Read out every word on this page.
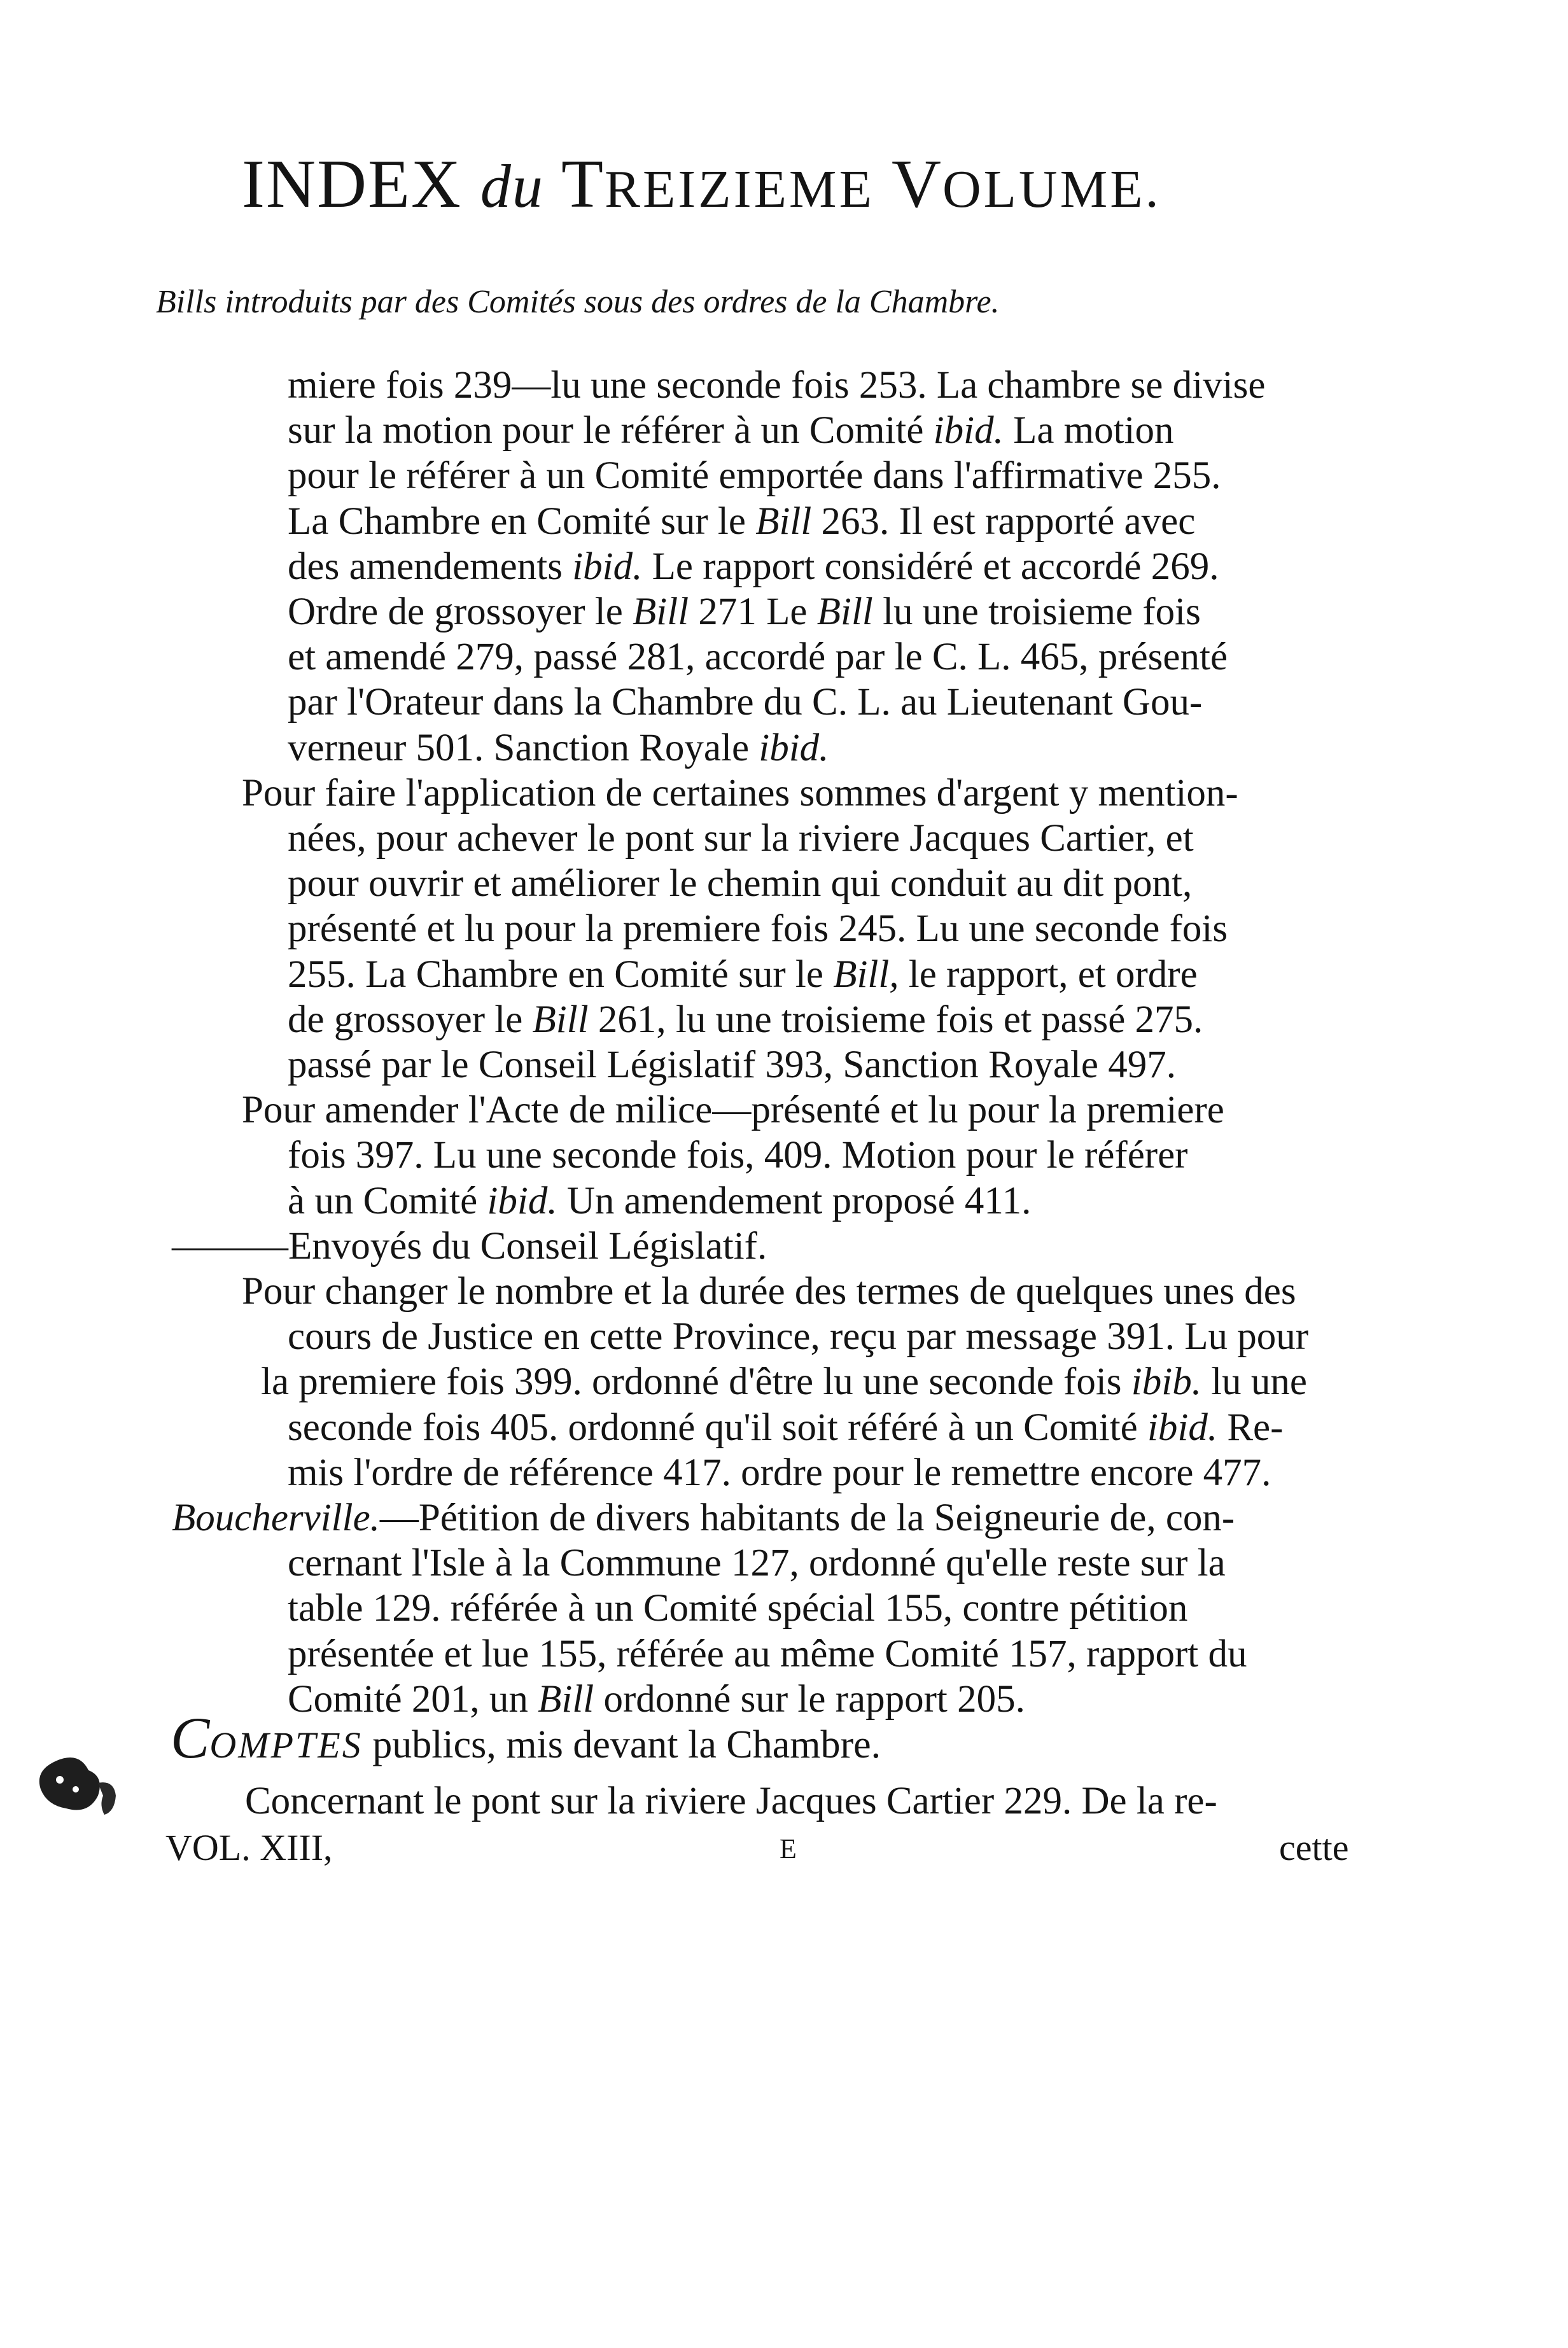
INDEX du TREIZIEME VOLUME.
Bills introduits par des Comités sous des ordres de la Chambre.
miere fois 239—lu une seconde fois 253. La chambre se divise
sur la motion pour le référer à un Comité ibid. La motion
pour le référer à un Comité emportée dans l'affirmative 255.
La Chambre en Comité sur le Bill 263. Il est rapporté avec
des amendements ibid. Le rapport considéré et accordé 269.
Ordre de grossoyer le Bill 271 Le Bill lu une troisieme fois
et amendé 279, passé 281, accordé par le C. L. 465, présenté
par l'Orateur dans la Chambre du C. L. au Lieutenant Gou-
verneur 501. Sanction Royale ibid.
Pour faire l'application de certaines sommes d'argent y mention-
nées, pour achever le pont sur la riviere Jacques Cartier, et
pour ouvrir et améliorer le chemin qui conduit au dit pont,
présenté et lu pour la premiere fois 245. Lu une seconde fois
255. La Chambre en Comité sur le Bill, le rapport, et ordre
de grossoyer le Bill 261, lu une troisieme fois et passé 275.
passé par le Conseil Législatif 393, Sanction Royale 497.
Pour amender l'Acte de milice—présenté et lu pour la premiere
fois 397. Lu une seconde fois, 409. Motion pour le référer
à un Comité ibid. Un amendement proposé 411.
———Envoyés du Conseil Législatif.
Pour changer le nombre et la durée des termes de quelques unes des
cours de Justice en cette Province, reçu par message 391. Lu pour
la premiere fois 399. ordonné d'être lu une seconde fois ibib. lu une
seconde fois 405. ordonné qu'il soit référé à un Comité ibid. Re-
mis l'ordre de référence 417. ordre pour le remettre encore 477.
Boucherville.—Pétition de divers habitants de la Seigneurie de, con-
cernant l'Isle à la Commune 127, ordonné qu'elle reste sur la
table 129. référée à un Comité spécial 155, contre pétition
présentée et lue 155, référée au même Comité 157, rapport du
Comité 201, un Bill ordonné sur le rapport 205.
COMPTES publics, mis devant la Chambre.
Concernant le pont sur la riviere Jacques Cartier 229. De la re-
VOL. XIII,	E	cette
